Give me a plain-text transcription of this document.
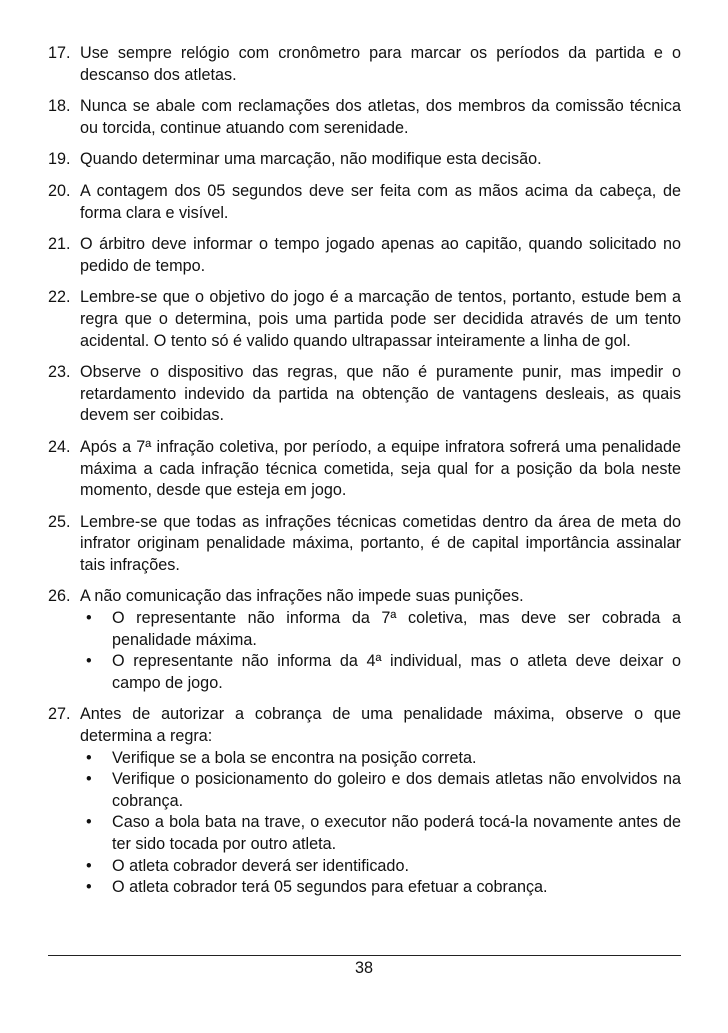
17. Use sempre relógio com cronômetro para marcar os períodos da partida e o descanso dos atletas.
18. Nunca se abale com reclamações dos atletas, dos membros da comissão técnica ou torcida, continue atuando com serenidade.
19. Quando determinar uma marcação, não modifique esta decisão.
20. A contagem dos 05 segundos deve ser feita com as mãos acima da cabeça, de forma clara e visível.
21. O árbitro deve informar o tempo jogado apenas ao capitão, quando solicitado no pedido de tempo.
22. Lembre-se que o objetivo do jogo é a marcação de tentos, portanto, estude bem a regra que o determina, pois uma partida pode ser decidida através de um tento acidental. O tento só é valido quando ultrapassar inteiramente a linha de gol.
23. Observe o dispositivo das regras, que não é puramente punir, mas impedir o retardamento indevido da partida na obtenção de vantagens desleais, as quais devem ser coibidas.
24. Após a 7ª infração coletiva, por período, a equipe infratora sofrerá uma penalidade máxima a cada infração técnica cometida, seja qual for a posição da bola neste momento, desde que esteja em jogo.
25. Lembre-se que todas as infrações técnicas cometidas dentro da área de meta do infrator originam penalidade máxima, portanto, é de capital importância assinalar tais infrações.
26. A não comunicação das infrações não impede suas punições.
• O representante não informa da 7ª coletiva, mas deve ser cobrada a penalidade máxima.
• O representante não informa da 4ª individual, mas o atleta deve deixar o campo de jogo.
27. Antes de autorizar a cobrança de uma penalidade máxima, observe o que determina a regra:
• Verifique se a bola se encontra na posição correta.
• Verifique o posicionamento do goleiro e dos demais atletas não envolvidos na cobrança.
• Caso a bola bata na trave, o executor não poderá tocá-la novamente antes de ter sido tocada por outro atleta.
• O atleta cobrador deverá ser identificado.
• O atleta cobrador terá 05 segundos para efetuar a cobrança.
38
